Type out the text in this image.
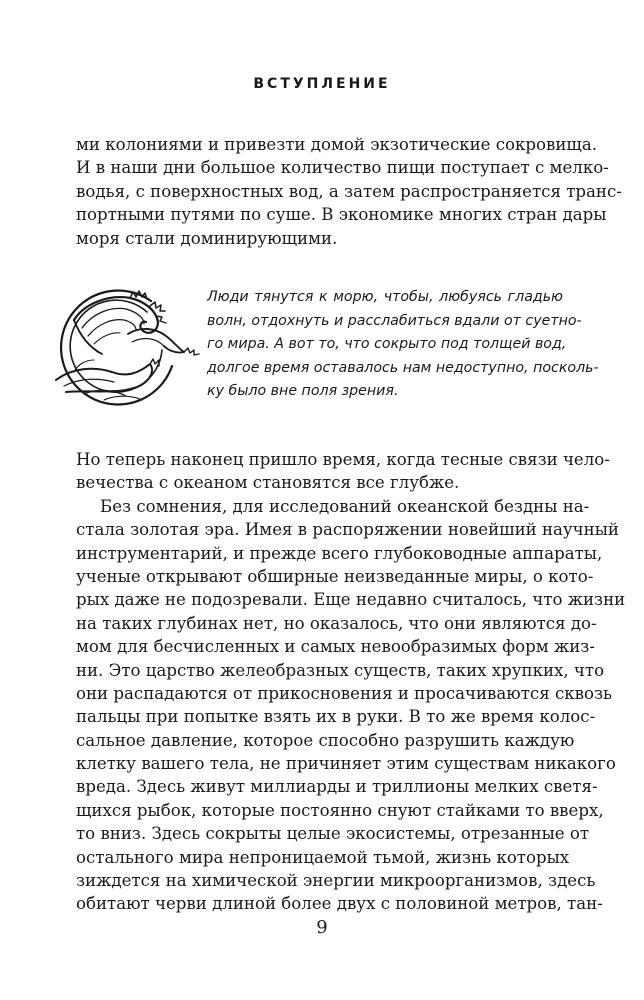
ВСТУПЛЕНИЕ
ми колониями и привезти домой экзотические сокровища.
И в наши дни большое количество пищи поступает с мелко-
водья, с поверхностных вод, а затем распространяется транс-
портными путями по суше. В экономике многих стран дары
моря стали доминирующими.
Люди тянутся к морю, чтобы, любуясь гладью
волн, отдохнуть и расслабиться вдали от суетно-
го мира. А вот то, что сокрыто под толщей вод,
долгое время оставалось нам недоступно, посколь-
ку было вне поля зрения.
Но теперь наконец пришло время, когда тесные связи чело-
вечества с океаном становятся все глубже.
Без сомнения, для исследований океанской бездны на-
стала золотая эра. Имея в распоряжении новейший научный
инструментарий, и прежде всего глубоководные аппараты,
ученые открывают обширные неизведанные миры, о кото-
рых даже не подозревали. Еще недавно считалось, что жизни
на таких глубинах нет, но оказалось, что они являются до-
мом для бесчисленных и самых невообразимых форм жиз-
ни. Это царство желеобразных существ, таких хрупких, что
они распадаются от прикосновения и просачиваются сквозь
пальцы при попытке взять их в руки. В то же время колос-
сальное давление, которое способно разрушить каждую
клетку вашего тела, не причиняет этим существам никакого
вреда. Здесь живут миллиарды и триллионы мелких светя-
щихся рыбок, которые постоянно снуют стайками то вверх,
то вниз. Здесь сокрыты целые экосистемы, отрезанные от
остального мира непроницаемой тьмой, жизнь которых
зиждется на химической энергии микроорганизмов, здесь
обитают черви длиной более двух с половиной метров, тан-
9
